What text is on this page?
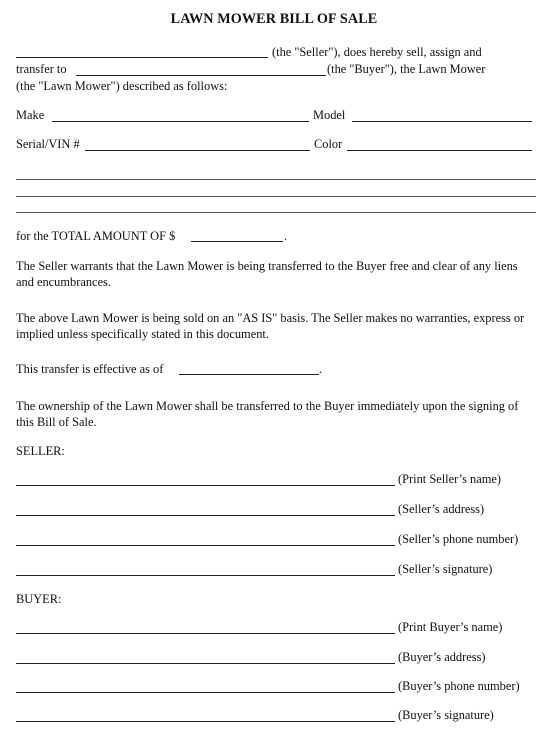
LAWN MOWER BILL OF SALE
(the "Seller"), does hereby sell, assign and
transfer to	(the "Buyer"), the Lawn Mower
(the "Lawn Mower") described as follows:
Make	Model
Serial/VIN #	Color
for the TOTAL AMOUNT OF $	.
The Seller warrants that the Lawn Mower is being transferred to the Buyer free and clear of any liens and encumbrances.
The above Lawn Mower is being sold on an "AS IS" basis. The Seller makes no warranties, express or implied unless specifically stated in this document.
This transfer is effective as of	.
The ownership of the Lawn Mower shall be transferred to the Buyer immediately upon the signing of this Bill of Sale.
SELLER:
(Print Seller’s name)
(Seller’s address)
(Seller’s phone number)
(Seller’s signature)
BUYER:
(Print Buyer’s name)
(Buyer’s address)
(Buyer’s phone number)
(Buyer’s signature)
